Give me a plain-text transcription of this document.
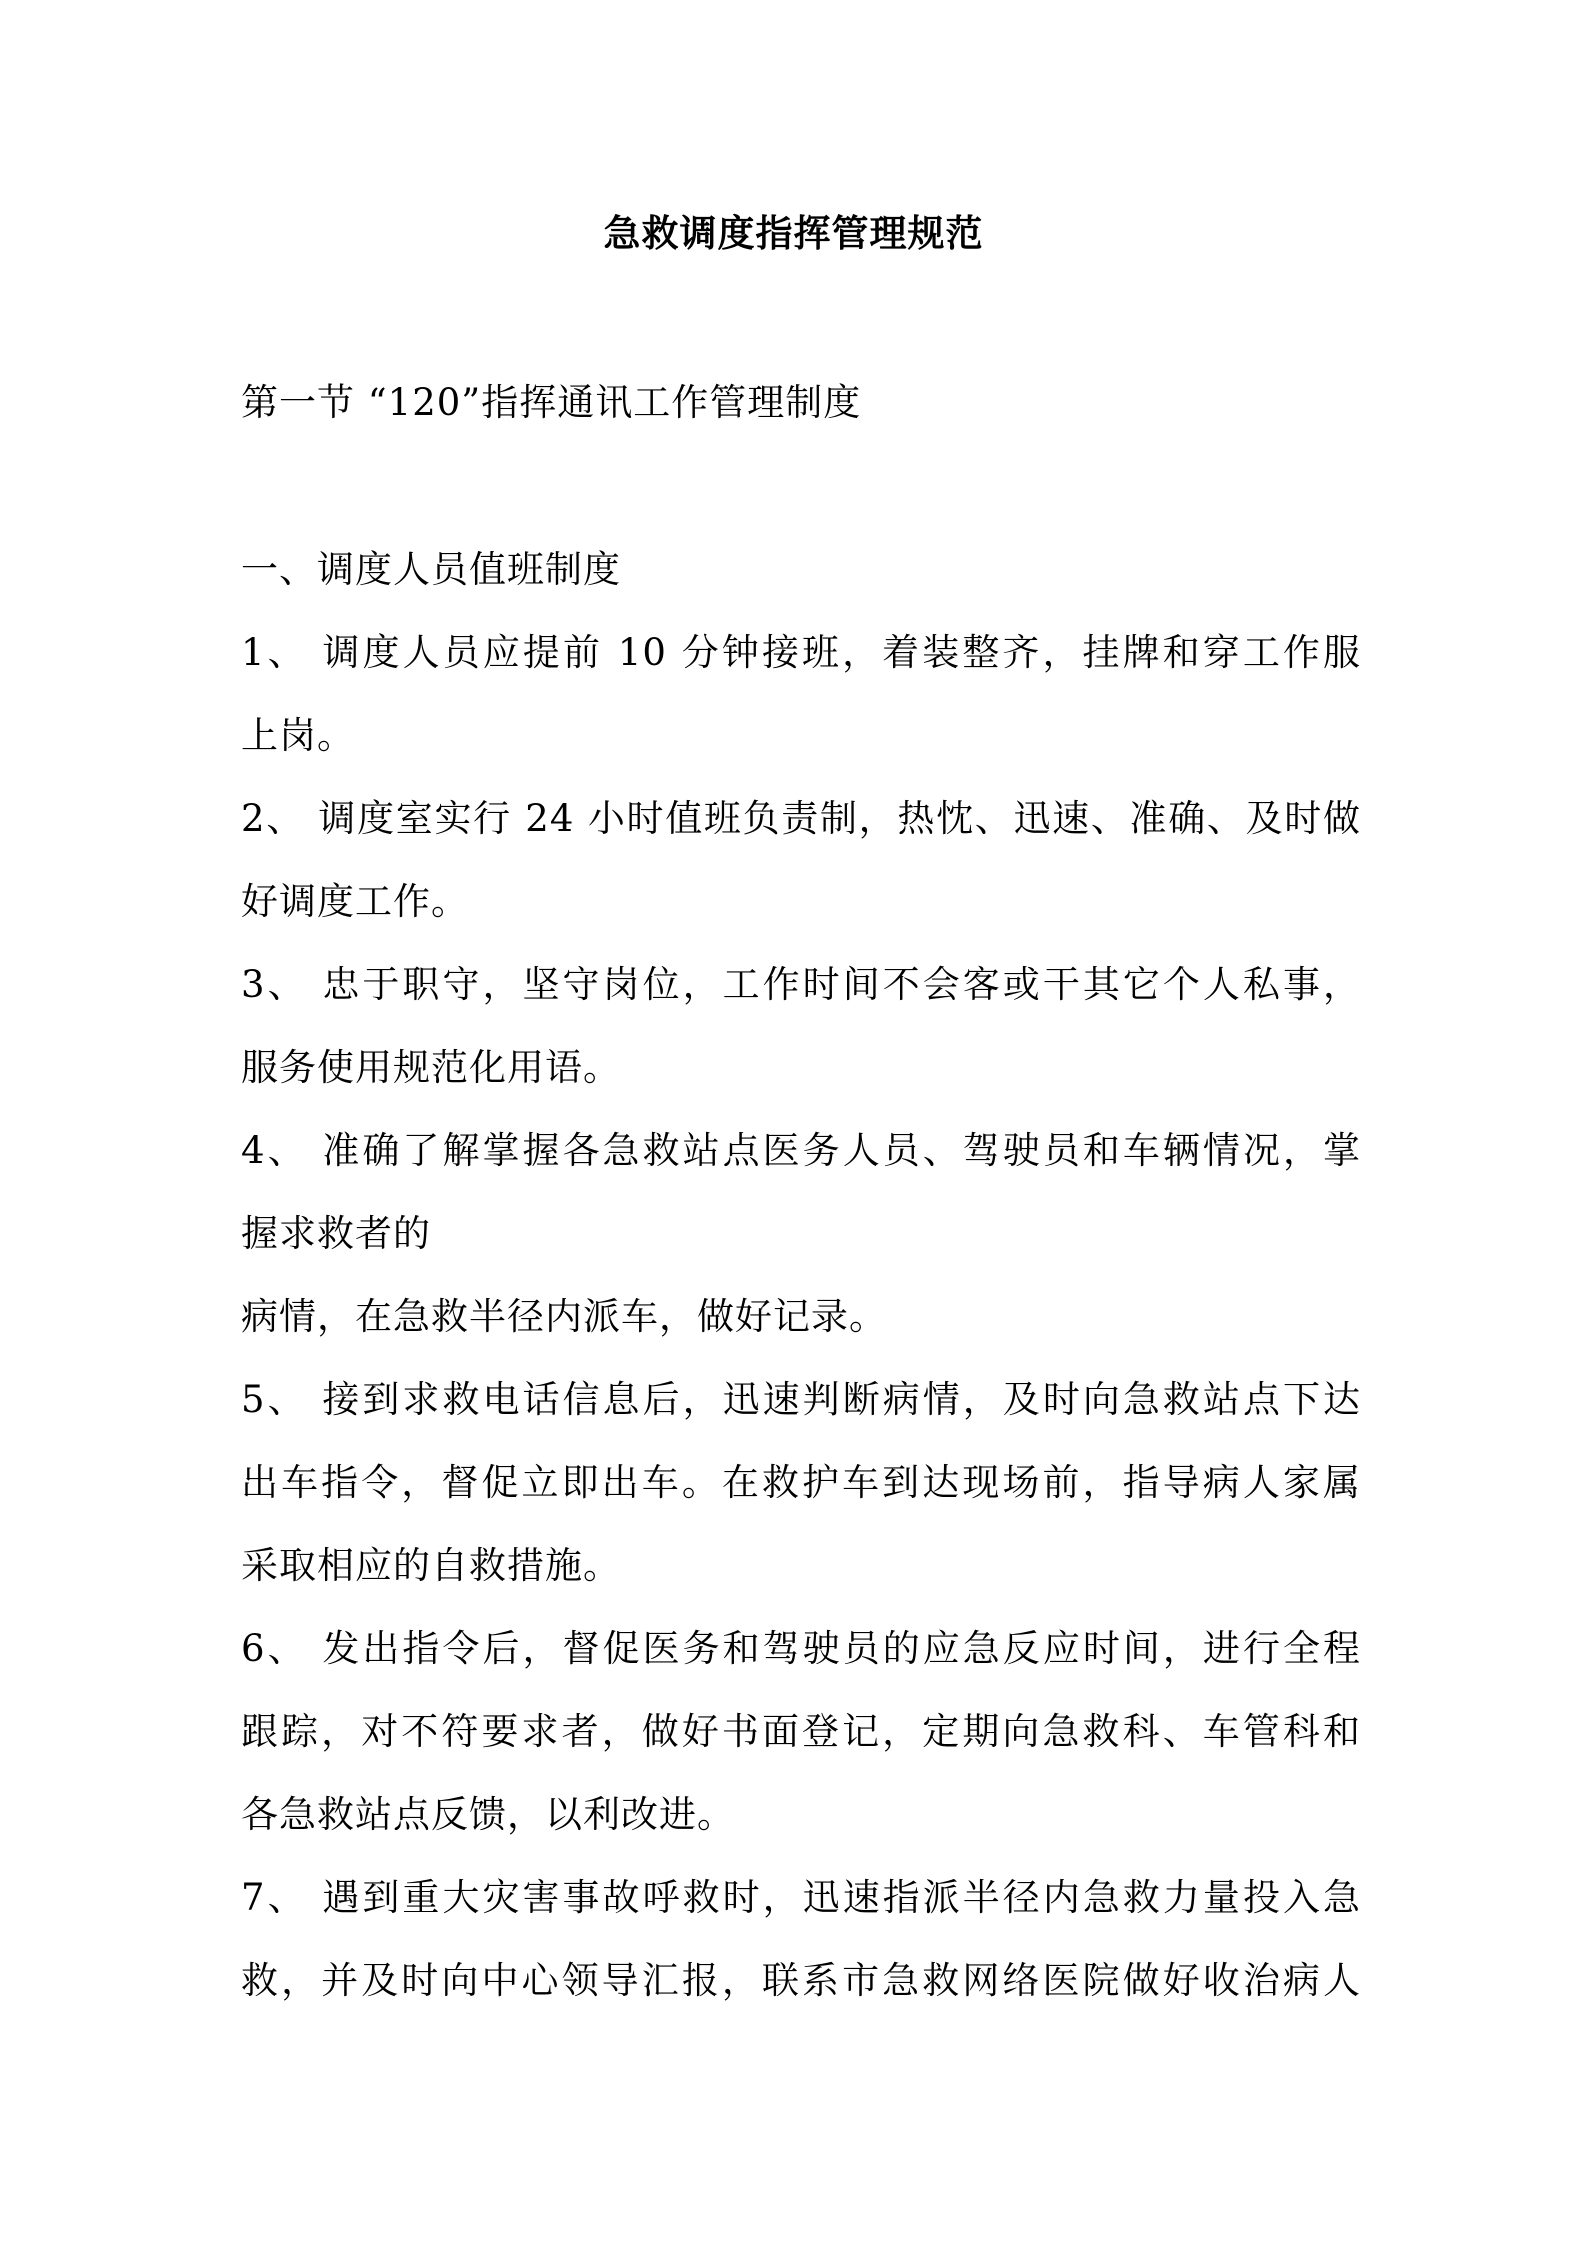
急救调度指挥管理规范
第一节 “120”指挥通讯工作管理制度
一、调度人员值班制度
1、 调度人员应提前 10 分钟接班，着装整齐，挂牌和穿工作服
上岗。
2、 调度室实行 24 小时值班负责制，热忱、迅速、准确、及时做
好调度工作。
3、 忠于职守，坚守岗位，工作时间不会客或干其它个人私事，
服务使用规范化用语。
4、 准确了解掌握各急救站点医务人员、驾驶员和车辆情况，掌
握求救者的
病情，在急救半径内派车，做好记录。
5、 接到求救电话信息后，迅速判断病情，及时向急救站点下达
出车指令，督促立即出车。在救护车到达现场前，指导病人家属
采取相应的自救措施。
6、 发出指令后，督促医务和驾驶员的应急反应时间，进行全程
跟踪，对不符要求者，做好书面登记，定期向急救科、车管科和
各急救站点反馈，以利改进。
7、 遇到重大灾害事故呼救时，迅速指派半径内急救力量投入急
救，并及时向中心领导汇报，联系市急救网络医院做好收治病人
